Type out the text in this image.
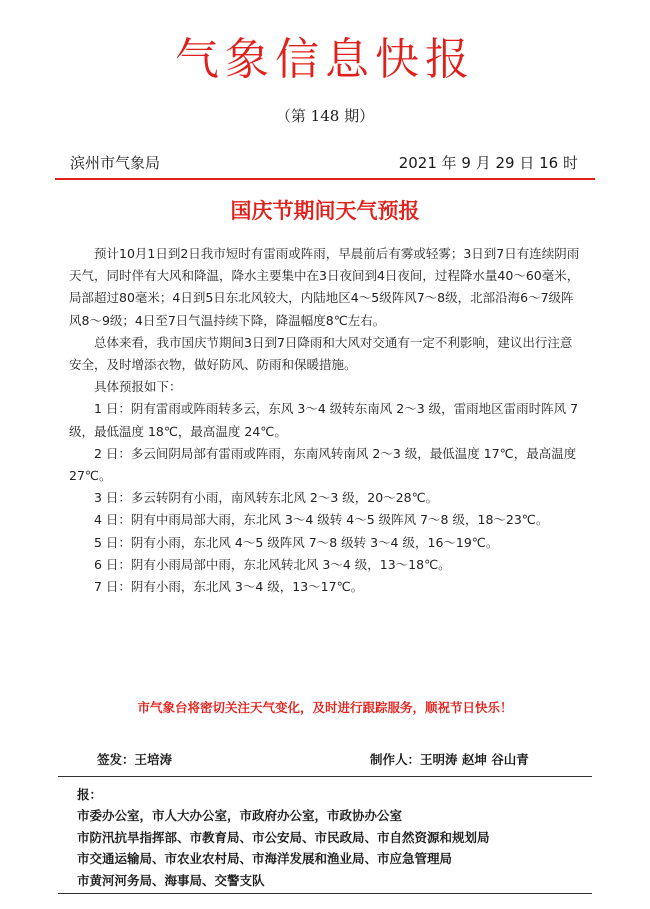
气象信息快报
（第 148 期）
滨州市气象局	2021 年 9 月 29 日 16 时
国庆节期间天气预报

预计10月1日到2日我市短时有雷雨或阵雨，早晨前后有雾或轻雾；3日到7日有连续阴雨天气，同时伴有大风和降温，降水主要集中在3日夜间到4日夜间，过程降水量40～60毫米，局部超过80毫米；4日到5日东北风较大，内陆地区4～5级阵风7～8级，北部沿海6～7级阵风8～9级；4日至7日气温持续下降，降温幅度8℃左右。

总体来看，我市国庆节期间3日到7日降雨和大风对交通有一定不利影响，建议出行注意安全，及时增添衣物，做好防风、防雨和保暖措施。

具体预报如下：

1 日：阴有雷雨或阵雨转多云，东风 3～4 级转东南风 2～3 级，雷雨地区雷雨时阵风 7 级，最低温度 18℃，最高温度 24℃。

2 日：多云间阴局部有雷雨或阵雨，东南风转南风 2～3 级，最低温度 17℃，最高温度 27℃。

3 日：多云转阴有小雨，南风转东北风 2～3 级，20～28℃。

4 日：阴有中雨局部大雨，东北风 3～4 级转 4～5 级阵风 7～8 级，18～23℃。

5 日：阴有小雨，东北风 4～5 级阵风 7～8 级转 3～4 级，16～19℃。

6 日：阴有小雨局部中雨，东北风转北风 3～4 级，13～18℃。

7 日：阴有小雨，东北风 3～4 级，13～17℃。

市气象台将密切关注天气变化，及时进行跟踪服务，顺祝节日快乐！
签发：王培涛	制作人：王明涛 赵坤 谷山青
报：
市委办公室，市人大办公室，市政府办公室，市政协办公室
市防汛抗旱指挥部、市教育局、市公安局、市民政局、市自然资源和规划局
市交通运输局、市农业农村局、市海洋发展和渔业局、市应急管理局
市黄河河务局、海事局、交警支队
